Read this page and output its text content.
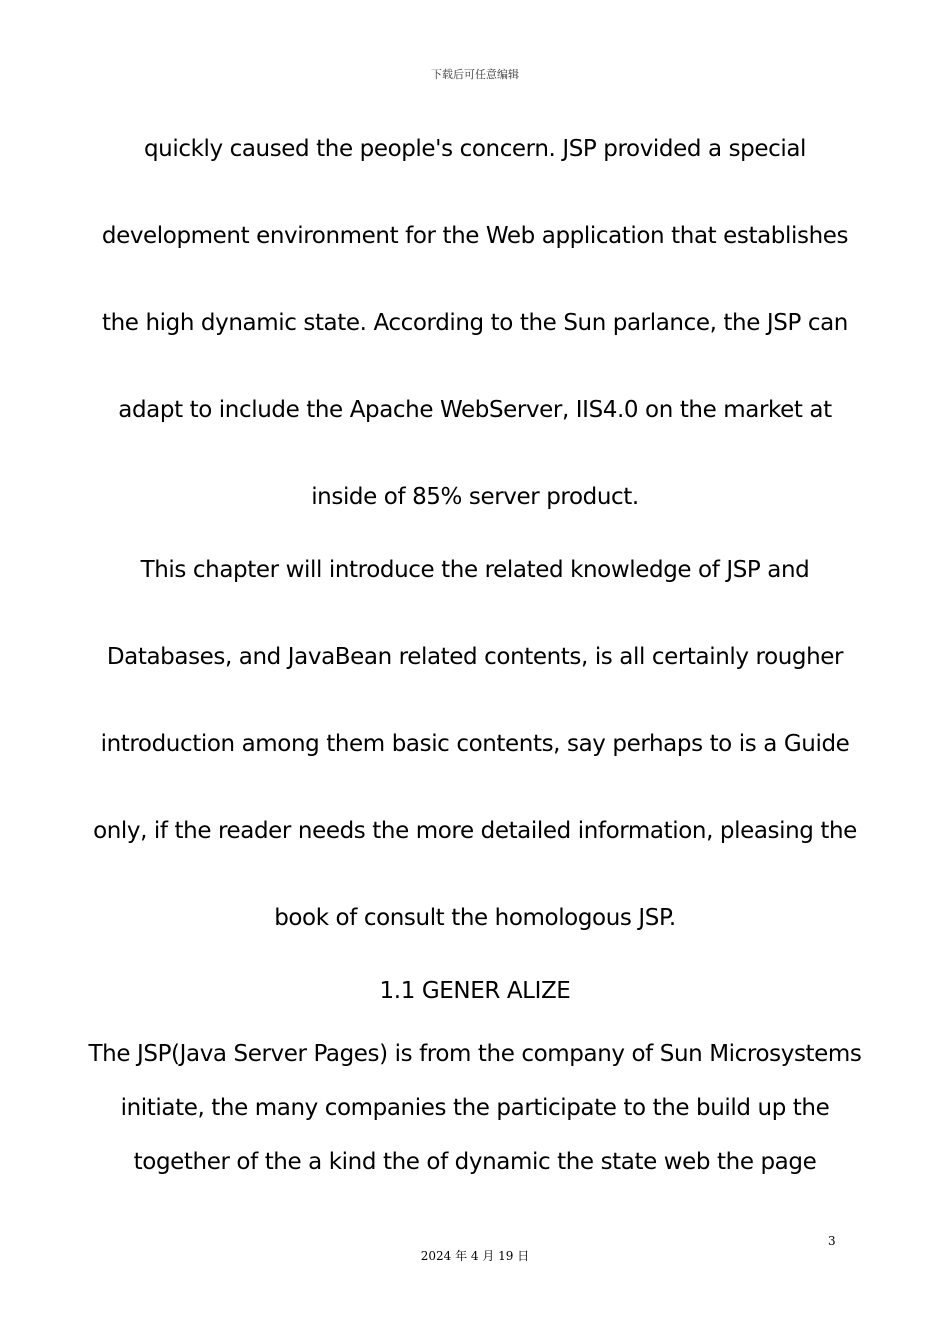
下载后可任意编辑
quickly caused the people's concern. JSP provided a special
development environment for the Web application that establishes
the high dynamic state. According to the Sun parlance, the JSP can
adapt to include the Apache WebServer, IIS4.0 on the market at
inside of 85% server product.
This chapter will introduce the related knowledge of JSP and
Databases, and JavaBean related contents, is all certainly rougher
introduction among them basic contents, say perhaps to is a Guide
only, if the reader needs the more detailed information, pleasing the
book of consult the homologous JSP.
1.1 GENER ALIZE
The JSP(Java Server Pages) is from the company of Sun Microsystems
initiate, the many companies the participate to the build up the
together of the a kind the of dynamic the state web the page
3
2024 年 4 月 19 日
